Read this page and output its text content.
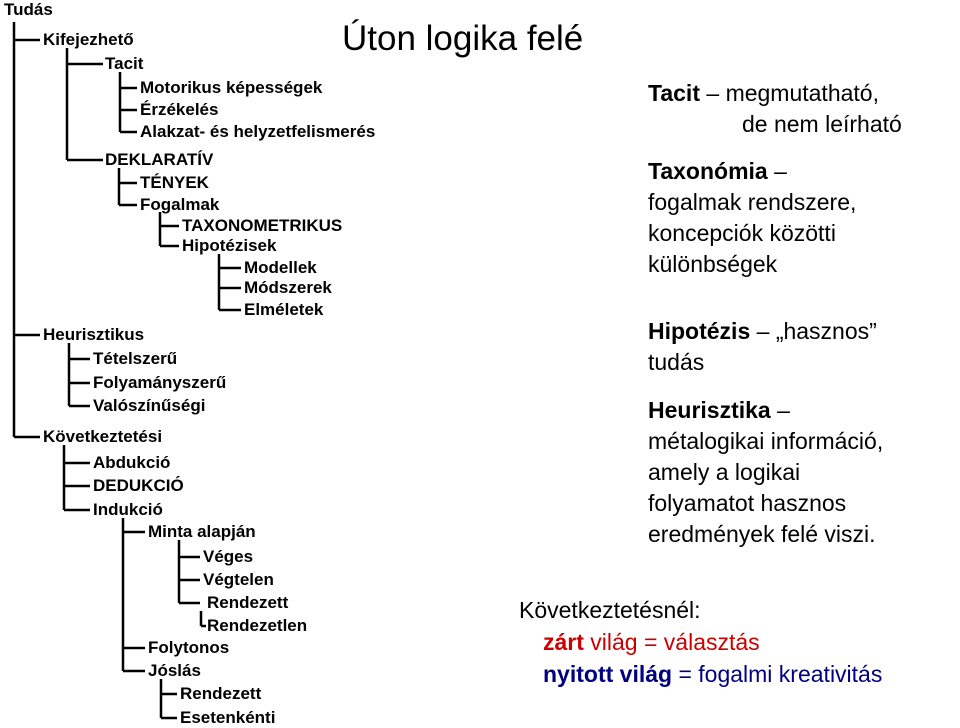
Tudás
Kifejezhető
Tacit
Motorikus képességek
Érzékelés
Alakzat- és helyzetfelismerés
DEKLARATÍV
TÉNYEK
Fogalmak
TAXONOMETRIKUS
Hipotézisek
Modellek
Módszerek
Elméletek
Heurisztikus
Tételszerű
Folyamányszerű
Valószínűségi
Következtetési
Abdukció
DEDUKCIÓ
Indukció
Minta alapján
Véges
Végtelen
Rendezett
Rendezetlen
Folytonos
Jóslás
Rendezett
Esetenkénti
Úton logika felé
Tacit – megmutatható,
de nem leírható
Taxonómia –
fogalmak rendszere,
koncepciók közötti
különbségek
Hipotézis – „hasznos”
tudás
Heurisztika –
métalogikai információ,
amely a logikai
folyamatot hasznos
eredmények felé viszi.
Következtetésnél:
zárt világ = választás
nyitott világ = fogalmi kreativitás
